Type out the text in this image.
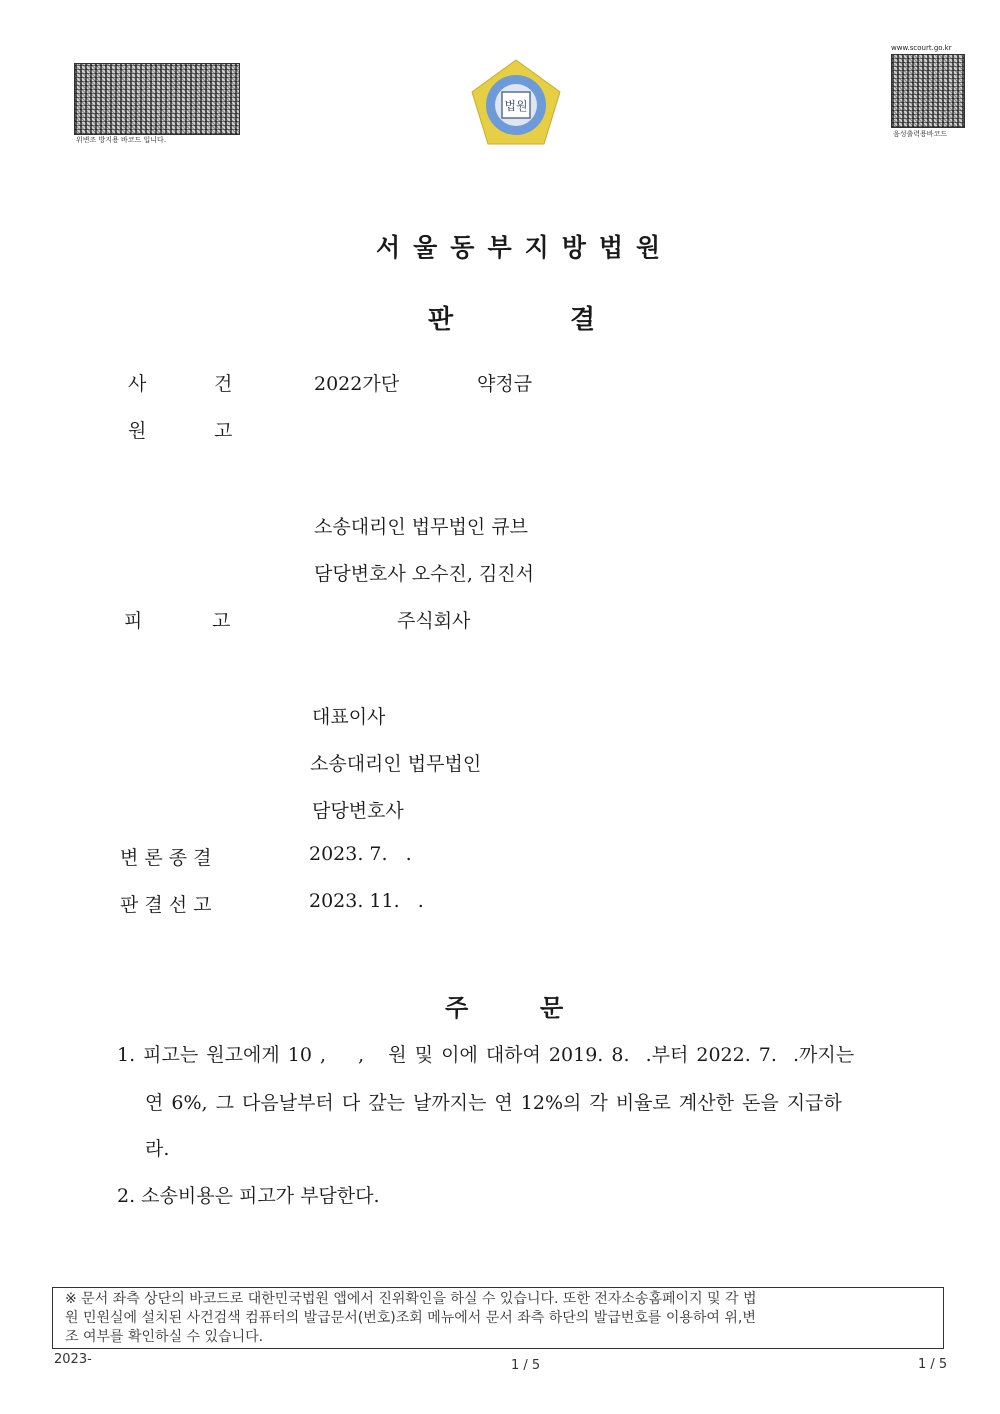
위변조 방지용 바코드 입니다.
법원
www.scourt.go.kr
음성출력용바코드
서울동부지방법원
판	결
사	건	2022가단	약정금
원	고
소송대리인 법무법인 큐브
담당변호사 오수진, 김진서
피	고	주식회사
대표이사
소송대리인 법무법인
담당변호사
변 론 종 결	2023. 7.   .
판 결 선 고	2023. 11.   .
주	문
1. 피고는 원고에게 10 ,    ,   원 및 이에 대하여 2019. 8.  .부터 2022. 7.  .까지는
연 6%, 그 다음날부터 다 갚는 날까지는 연 12%의 각 비율로 계산한 돈을 지급하
라.
2. 소송비용은 피고가 부담한다.
※ 문서 좌측 상단의 바코드로 대한민국법원 앱에서 진위확인을 하실 수 있습니다. 또한 전자소송홈페이지 및 각 법
원 민원실에 설치된 사건검색 컴퓨터의 발급문서(번호)조회 메뉴에서 문서 좌측 하단의 발급번호를 이용하여 위,변
조 여부를 확인하실 수 있습니다.
2023-	1 / 5	1 / 5
